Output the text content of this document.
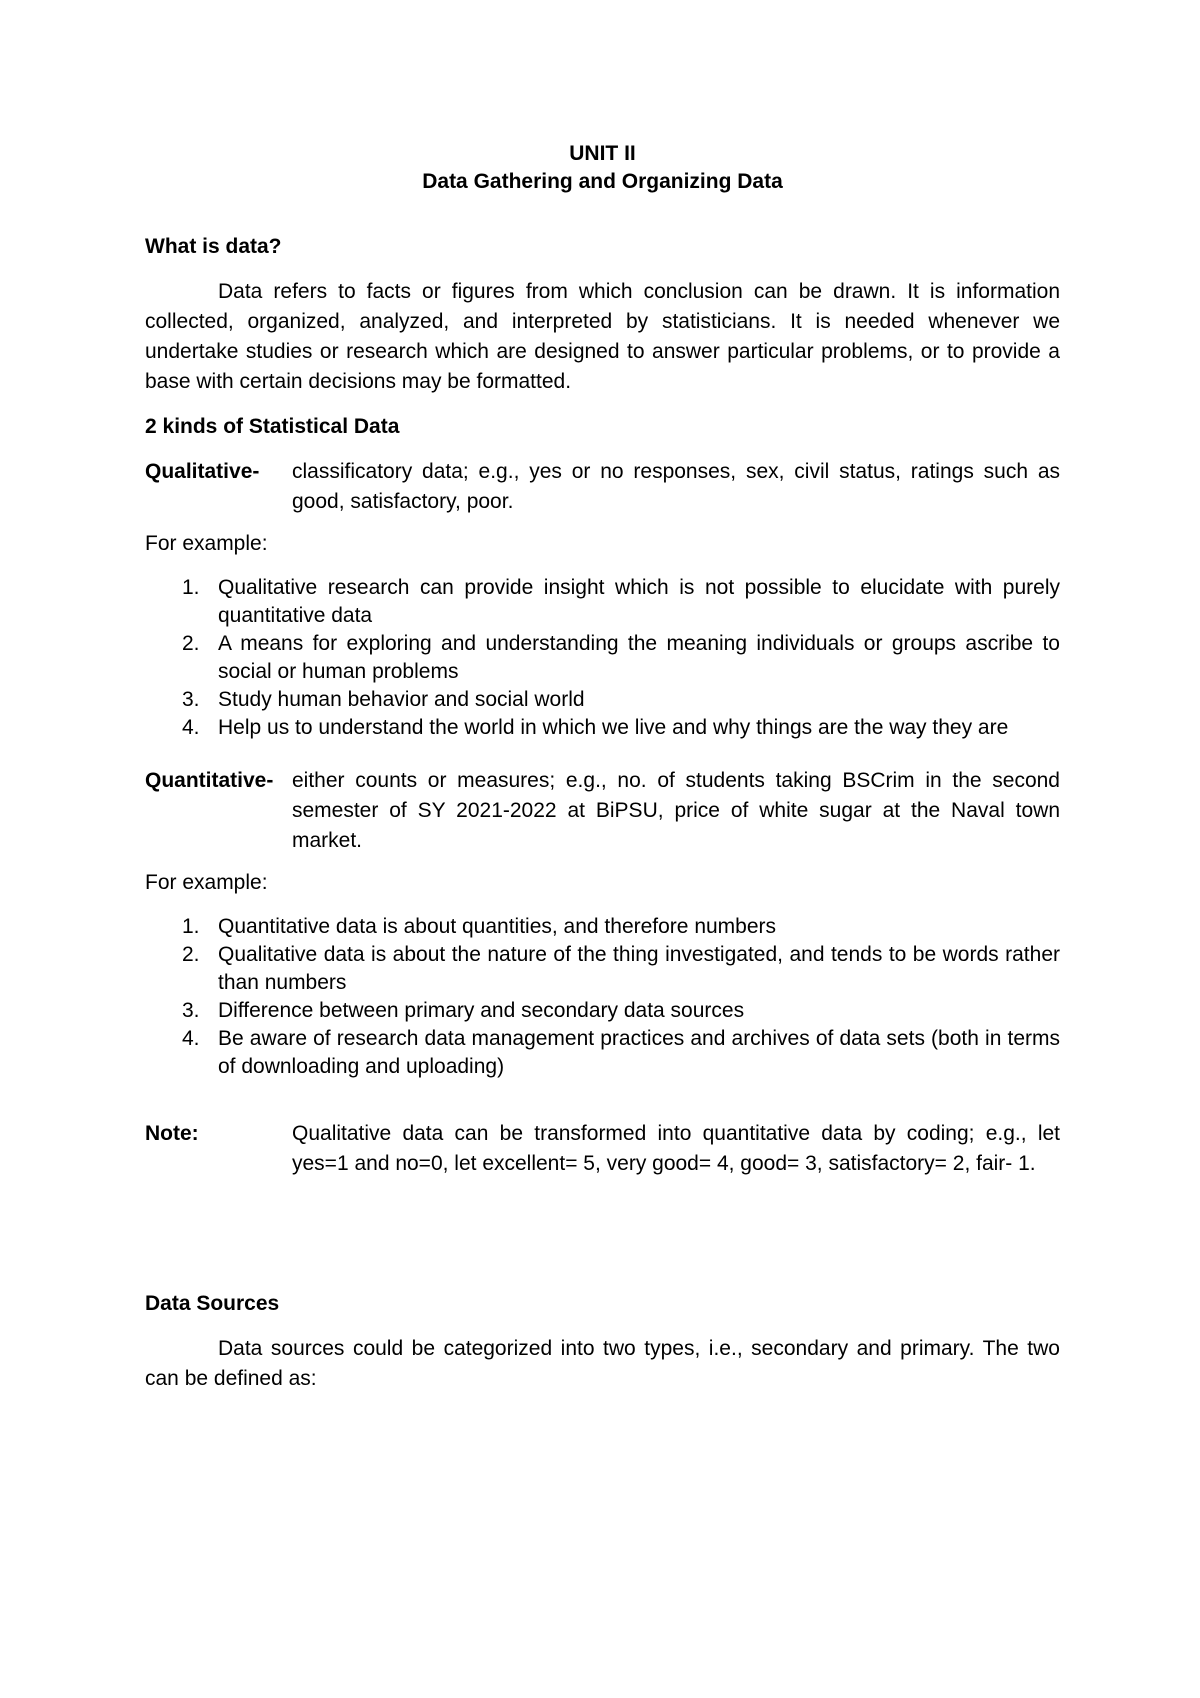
UNIT II
Data Gathering and Organizing Data

What is data?

Data refers to facts or figures from which conclusion can be drawn. It is information collected, organized, analyzed, and interpreted by statisticians. It is needed whenever we undertake studies or research which are designed to answer particular problems, or to provide a base with certain decisions may be formatted.

2 kinds of Statistical Data

Qualitative-	classificatory data; e.g., yes or no responses, sex, civil status, ratings such as good, satisfactory, poor.

For example:

1. Qualitative research can provide insight which is not possible to elucidate with purely quantitative data
2. A means for exploring and understanding the meaning individuals or groups ascribe to social or human problems
3. Study human behavior and social world
4. Help us to understand the world in which we live and why things are the way they are
Quantitative- either counts or measures; e.g., no. of students taking BSCrim in the second semester of SY 2021-2022 at BiPSU, price of white sugar at the Naval town market.

For example:

1. Quantitative data is about quantities, and therefore numbers
2. Qualitative data is about the nature of the thing investigated, and tends to be words rather than numbers
3. Difference between primary and secondary data sources
4. Be aware of research data management practices and archives of data sets (both in terms of downloading and uploading)
Note:	Qualitative data can be transformed into quantitative data by coding; e.g., let yes=1 and no=0, let excellent= 5, very good= 4, good= 3, satisfactory= 2, fair- 1.

Data Sources

Data sources could be categorized into two types, i.e., secondary and primary. The two can be defined as:
